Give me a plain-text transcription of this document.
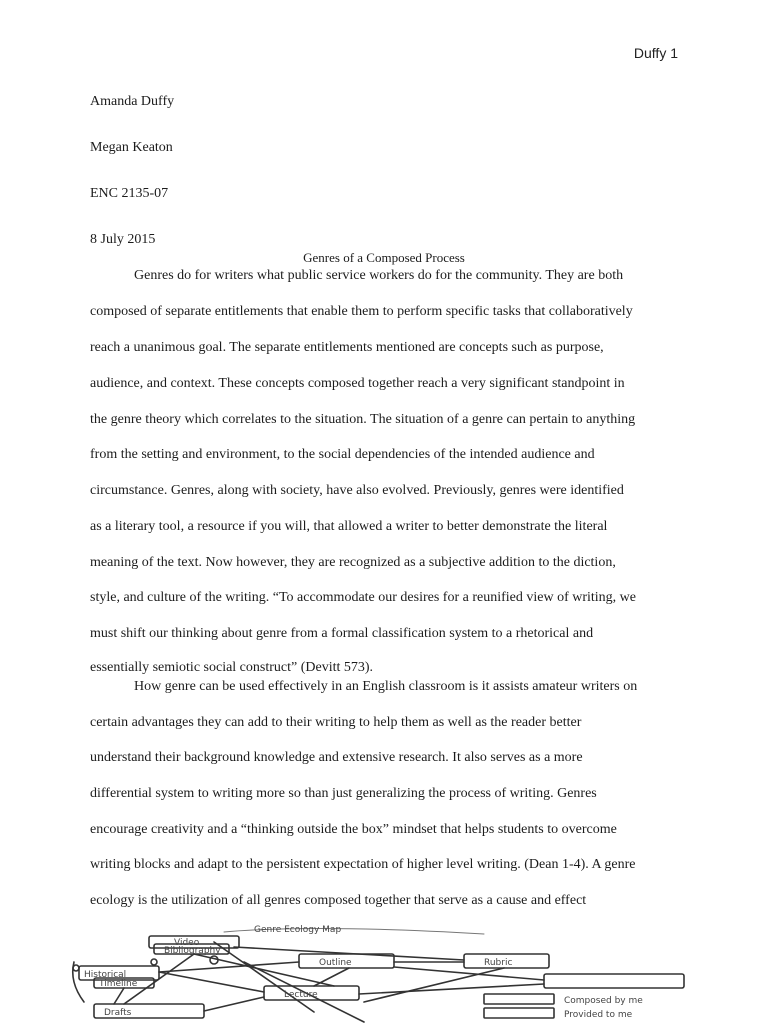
Duffy 1
Amanda Duffy
Megan Keaton
ENC 2135-07
8 July 2015
Genres of a Composed Process
Genres do for writers what public service workers do for the community. They are both
composed of separate entitlements that enable them to perform specific tasks that collaboratively
reach a unanimous goal. The separate entitlements mentioned are concepts such as purpose,
audience, and context. These concepts composed together reach a very significant standpoint in
the genre theory which correlates to the situation. The situation of a genre can pertain to anything
from the setting and environment, to the social dependencies of the intended audience and
circumstance. Genres, along with society, have also evolved. Previously, genres were identified
as a literary tool, a resource if you will, that allowed a writer to better demonstrate the literal
meaning of the text. Now however, they are recognized as a subjective addition to the diction,
style, and culture of the writing. “To accommodate our desires for a reunified view of writing, we
must shift our thinking about genre from a formal classification system to a rhetorical and
essentially semiotic social construct” (Devitt 573).
How genre can be used effectively in an English classroom is it assists amateur writers on
certain advantages they can add to their writing to help them as well as the reader better
understand their background knowledge and extensive research. It also serves as a more
differential system to writing more so than just generalizing the process of writing. Genres
encourage creativity and a “thinking outside the box” mindset that helps students to overcome
writing blocks and adapt to the persistent expectation of higher level writing. (Dean 1-4). A genre
ecology is the utilization of all genres composed together that serve as a cause and effect
Genre Ecology Map
Video
Bibliography
Outline	Rubric
Historical
Timeline
Lecture
Drafts
Composed by me
Provided to me
